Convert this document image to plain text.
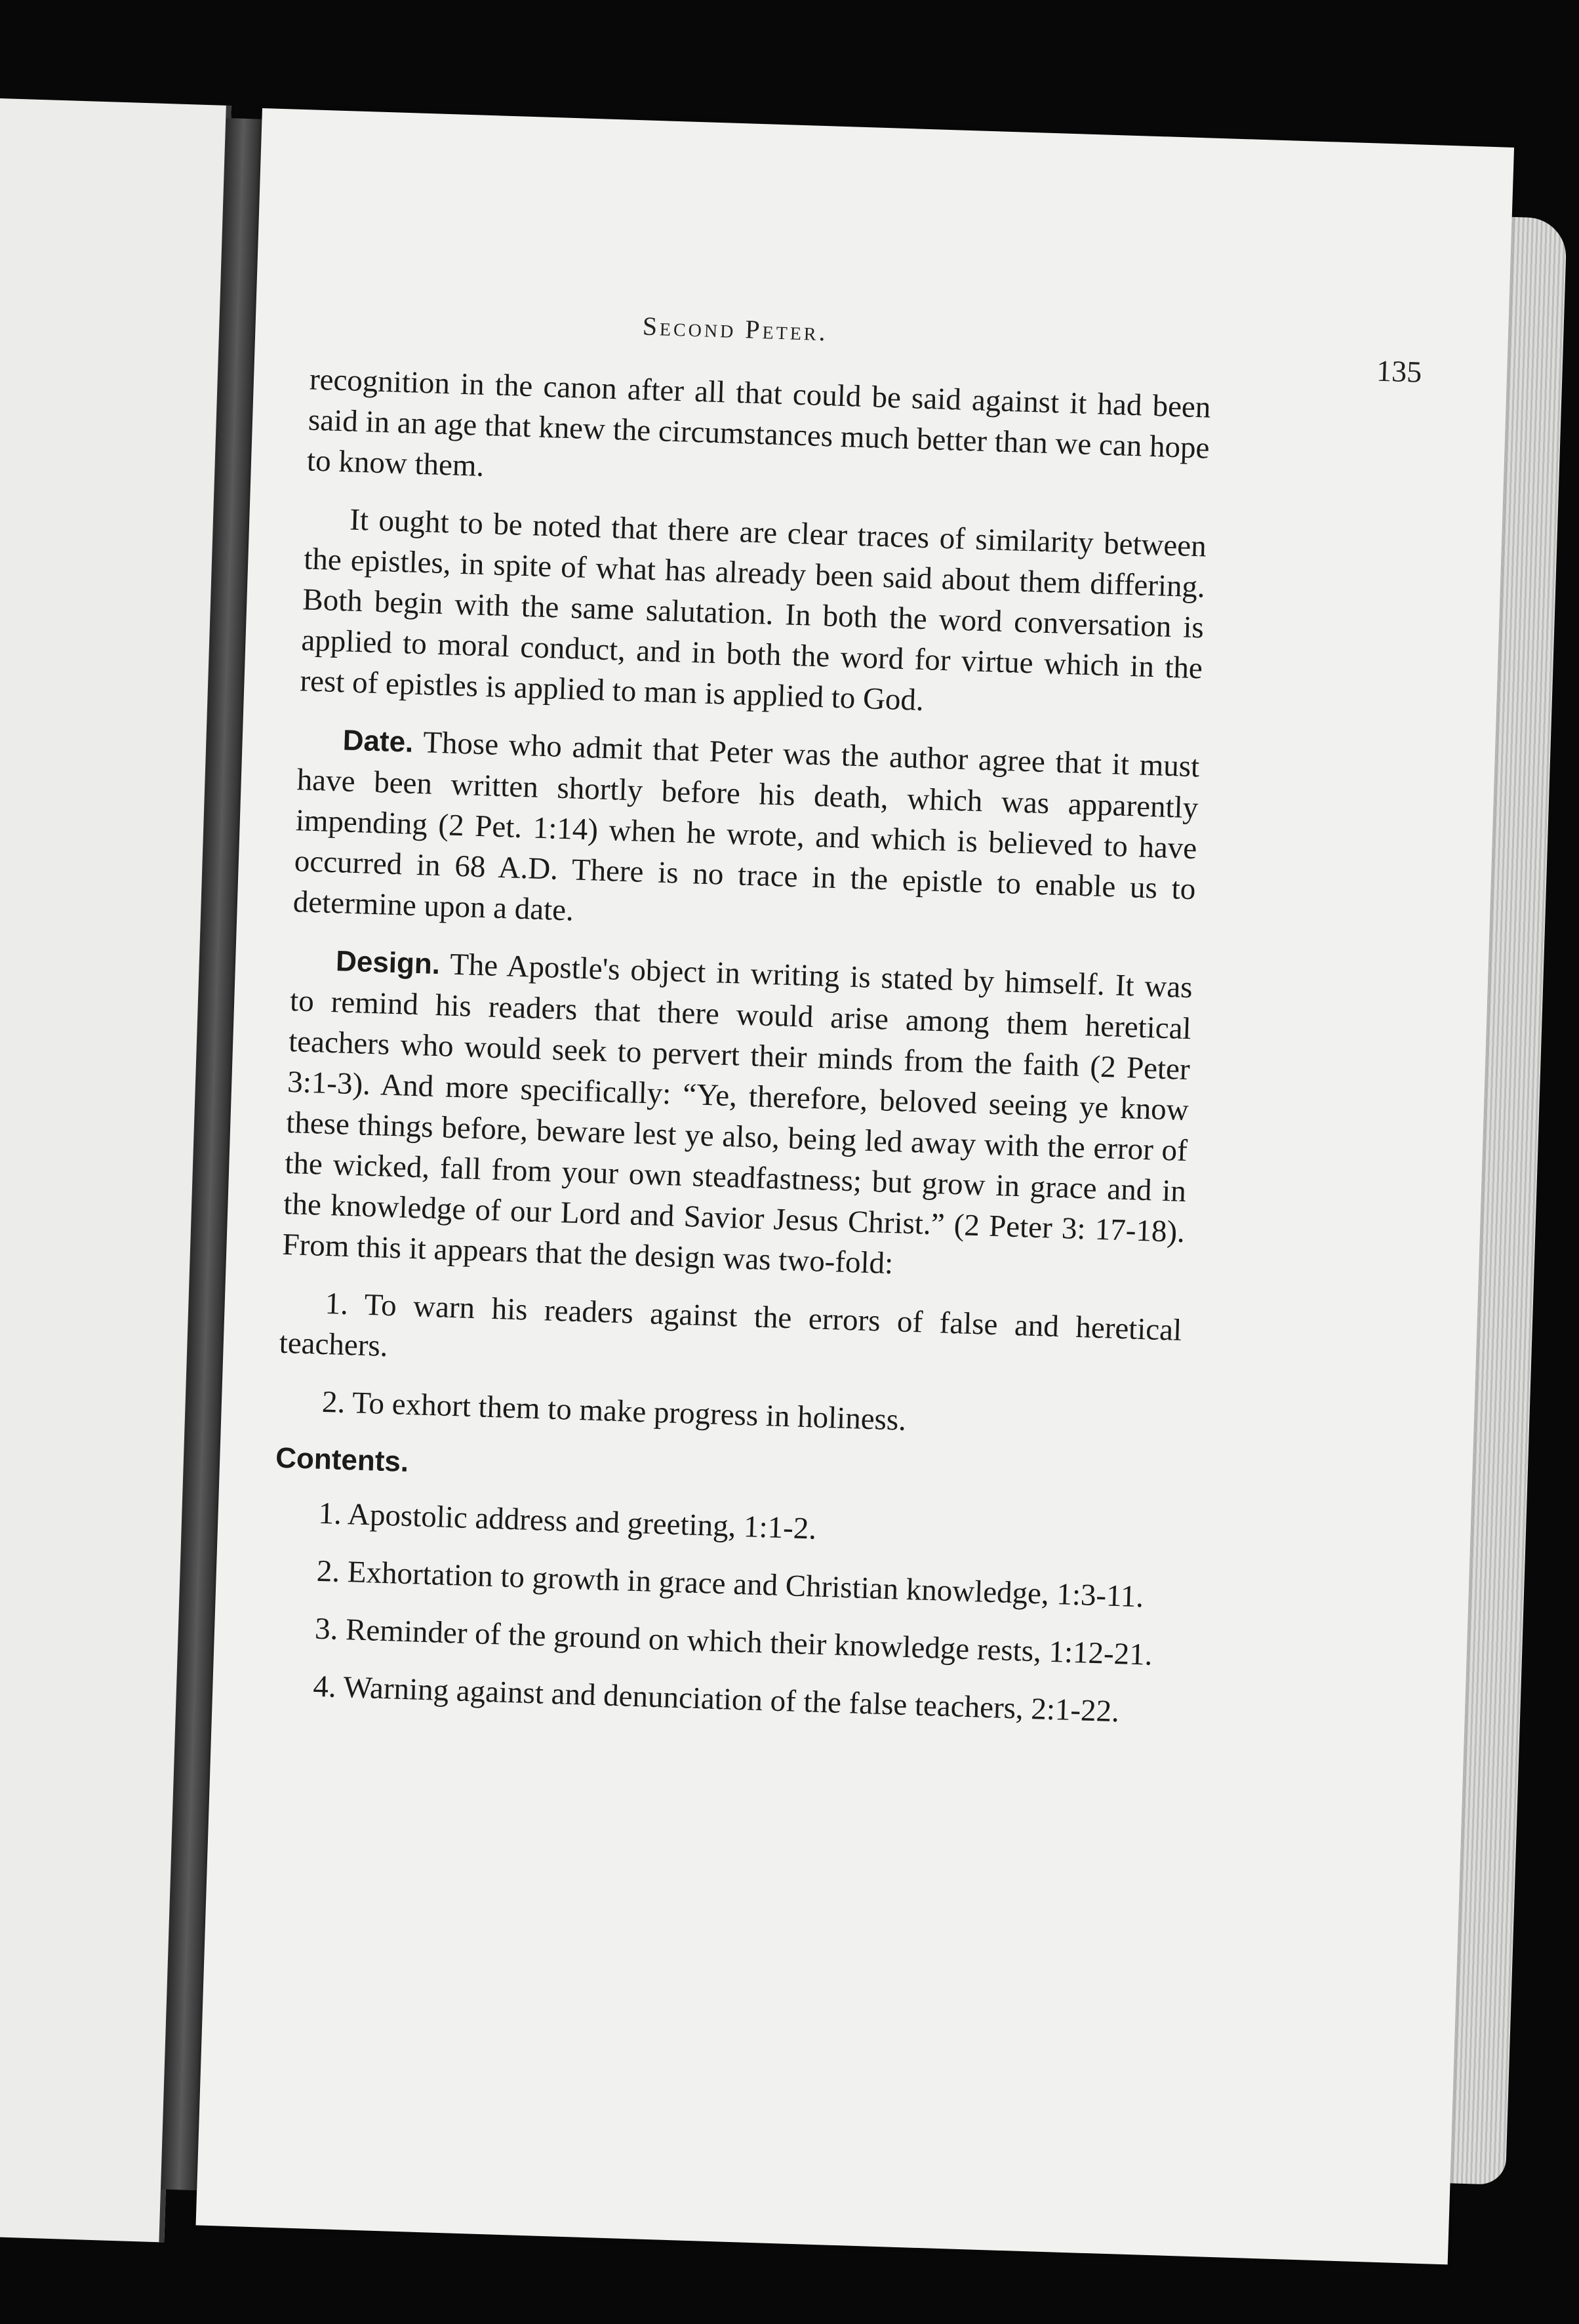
Second Peter.
135

recognition in the canon after all that could be said against it had been said in an age that knew the circumstances much better than we can hope to know them.

It ought to be noted that there are clear traces of similarity between the epistles, in spite of what has already been said about them differing. Both begin with the same salutation. In both the word conversation is applied to moral conduct, and in both the word for virtue which in the rest of epistles is applied to man is applied to God.

Date. Those who admit that Peter was the author agree that it must have been written shortly before his death, which was apparently impending (2 Pet. 1:14) when he wrote, and which is believed to have occurred in 68 A.D. There is no trace in the epistle to enable us to determine upon a date.

Design. The Apostle's object in writing is stated by himself. It was to remind his readers that there would arise among them heretical teachers who would seek to pervert their minds from the faith (2 Peter 3:1-3). And more specifically: “Ye, therefore, beloved seeing ye know these things before, beware lest ye also, being led away with the error of the wicked, fall from your own steadfastness; but grow in grace and in the knowledge of our Lord and Savior Jesus Christ.” (2 Peter 3: 17-18). From this it appears that the design was two-fold:

1. To warn his readers against the errors of false and heretical teachers.

2. To exhort them to make progress in holiness.

Contents.

1. Apostolic address and greeting, 1:1-2.

2. Exhortation to growth in grace and Christian knowledge, 1:3-11.

3. Reminder of the ground on which their knowledge rests, 1:12-21.

4. Warning against and denunciation of the false teachers, 2:1-22.
